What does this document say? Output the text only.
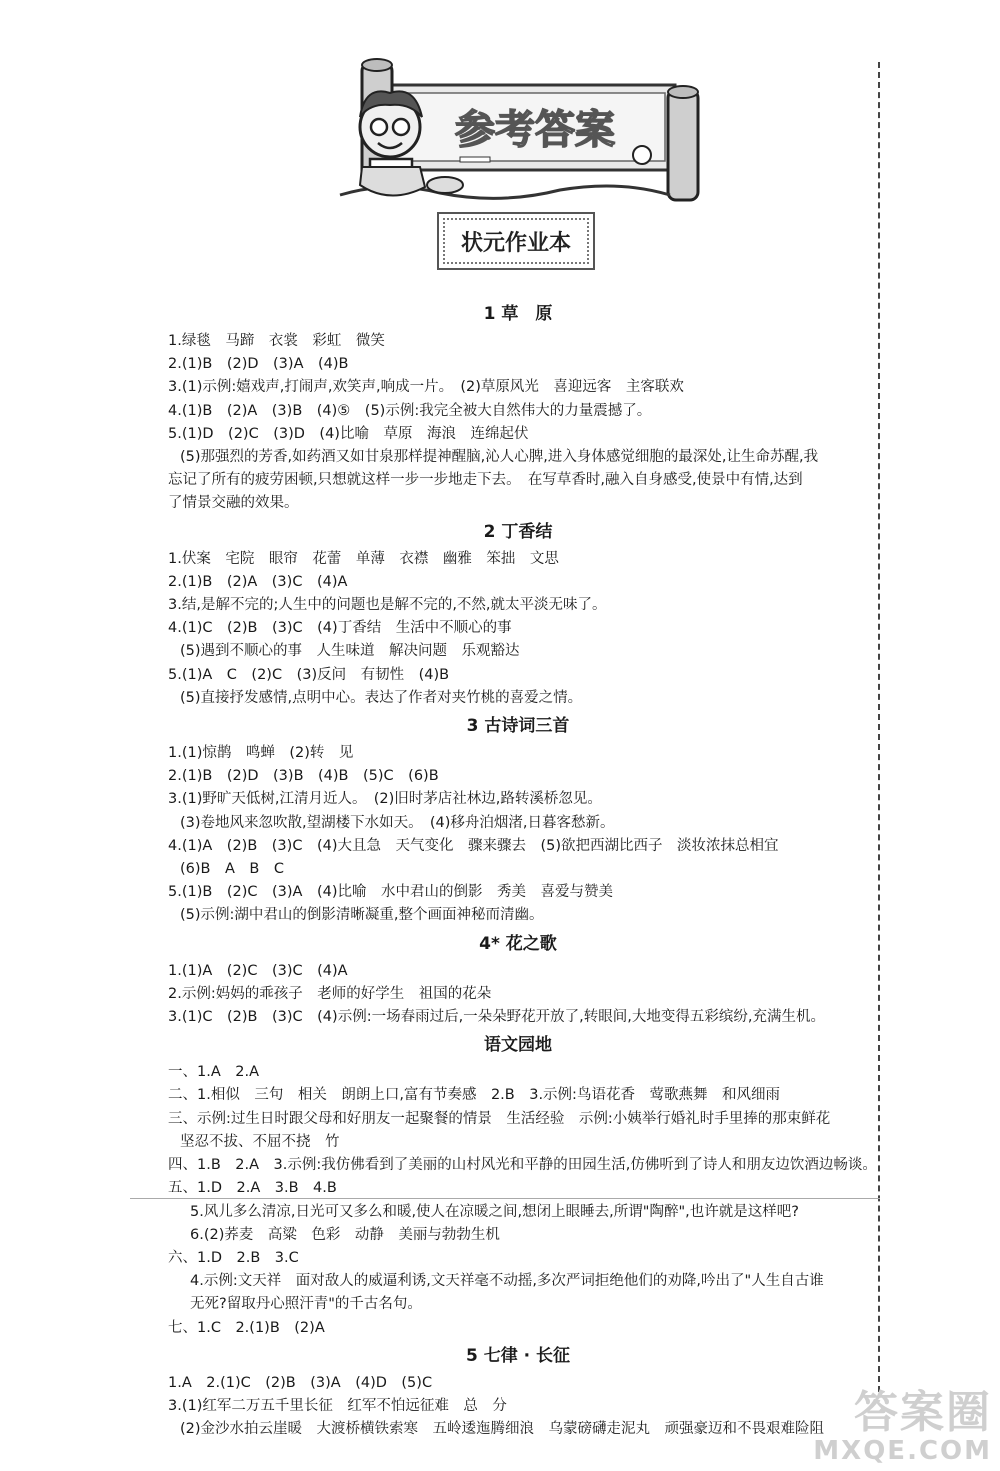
参考答案
状元作业本
1 草　原
1.绿毯　马蹄　衣裳　彩虹　微笑
2.(1)B　(2)D　(3)A　(4)B
3.(1)示例:嬉戏声,打闹声,欢笑声,响成一片。　(2)草原风光　喜迎远客　主客联欢
4.(1)B　(2)A　(3)B　(4)⑤　(5)示例:我完全被大自然伟大的力量震撼了。
5.(1)D　(2)C　(3)D　(4)比喻　草原　海浪　连绵起伏
(5)那强烈的芳香,如药酒又如甘泉那样提神醒脑,沁人心脾,进入身体感觉细胞的最深处,让生命苏醒,我
忘记了所有的疲劳困顿,只想就这样一步一步地走下去。　在写草香时,融入自身感受,使景中有情,达到
了情景交融的效果。
2 丁香结
1.伏案　宅院　眼帘　花蕾　单薄　衣襟　幽雅　笨拙　文思
2.(1)B　(2)A　(3)C　(4)A
3.结,是解不完的;人生中的问题也是解不完的,不然,就太平淡无味了。
4.(1)C　(2)B　(3)C　(4)丁香结　生活中不顺心的事
(5)遇到不顺心的事　人生味道　解决问题　乐观豁达
5.(1)A　C　(2)C　(3)反问　有韧性　(4)B
(5)直接抒发感情,点明中心。表达了作者对夹竹桃的喜爱之情。
3 古诗词三首
1.(1)惊鹊　鸣蝉　(2)转　见
2.(1)B　(2)D　(3)B　(4)B　(5)C　(6)B
3.(1)野旷天低树,江清月近人。　(2)旧时茅店社林边,路转溪桥忽见。
(3)卷地风来忽吹散,望湖楼下水如天。　(4)移舟泊烟渚,日暮客愁新。
4.(1)A　(2)B　(3)C　(4)大且急　天气变化　骤来骤去　(5)欲把西湖比西子　淡妆浓抹总相宜
(6)B　A　B　C
5.(1)B　(2)C　(3)A　(4)比喻　水中君山的倒影　秀美　喜爱与赞美
(5)示例:湖中君山的倒影清晰凝重,整个画面神秘而清幽。
4* 花之歌
1.(1)A　(2)C　(3)C　(4)A
2.示例:妈妈的乖孩子　老师的好学生　祖国的花朵
3.(1)C　(2)B　(3)C　(4)示例:一场春雨过后,一朵朵野花开放了,转眼间,大地变得五彩缤纷,充满生机。
语文园地
一、1.A　2.A
二、1.相似　三句　相关　朗朗上口,富有节奏感　2.B　3.示例:鸟语花香　莺歌燕舞　和风细雨
三、示例:过生日时跟父母和好朋友一起聚餐的情景　生活经验　示例:小姨举行婚礼时手里捧的那束鲜花
坚忍不拔、不屈不挠　竹
四、1.B　2.A　3.示例:我仿佛看到了美丽的山村风光和平静的田园生活,仿佛听到了诗人和朋友边饮酒边畅谈。
五、1.D　2.A　3.B　4.B
5.风儿多么清凉,日光可又多么和暖,使人在凉暖之间,想闭上眼睡去,所谓"陶醉",也许就是这样吧?
6.(2)荞麦　高粱　色彩　动静　美丽与勃勃生机
六、1.D　2.B　3.C
4.示例:文天祥　面对敌人的威逼利诱,文天祥毫不动摇,多次严词拒绝他们的劝降,吟出了"人生自古谁
无死?留取丹心照汗青"的千古名句。
七、1.C　2.(1)B　(2)A
5 七律 · 长征
1.A　2.(1)C　(2)B　(3)A　(4)D　(5)C
3.(1)红军二万五千里长征　红军不怕远征难　总　分
(2)金沙水拍云崖暖　大渡桥横铁索寒　五岭逶迤腾细浪　乌蒙磅礴走泥丸　顽强豪迈和不畏艰难险阻 答案圈
MXQE.COM
